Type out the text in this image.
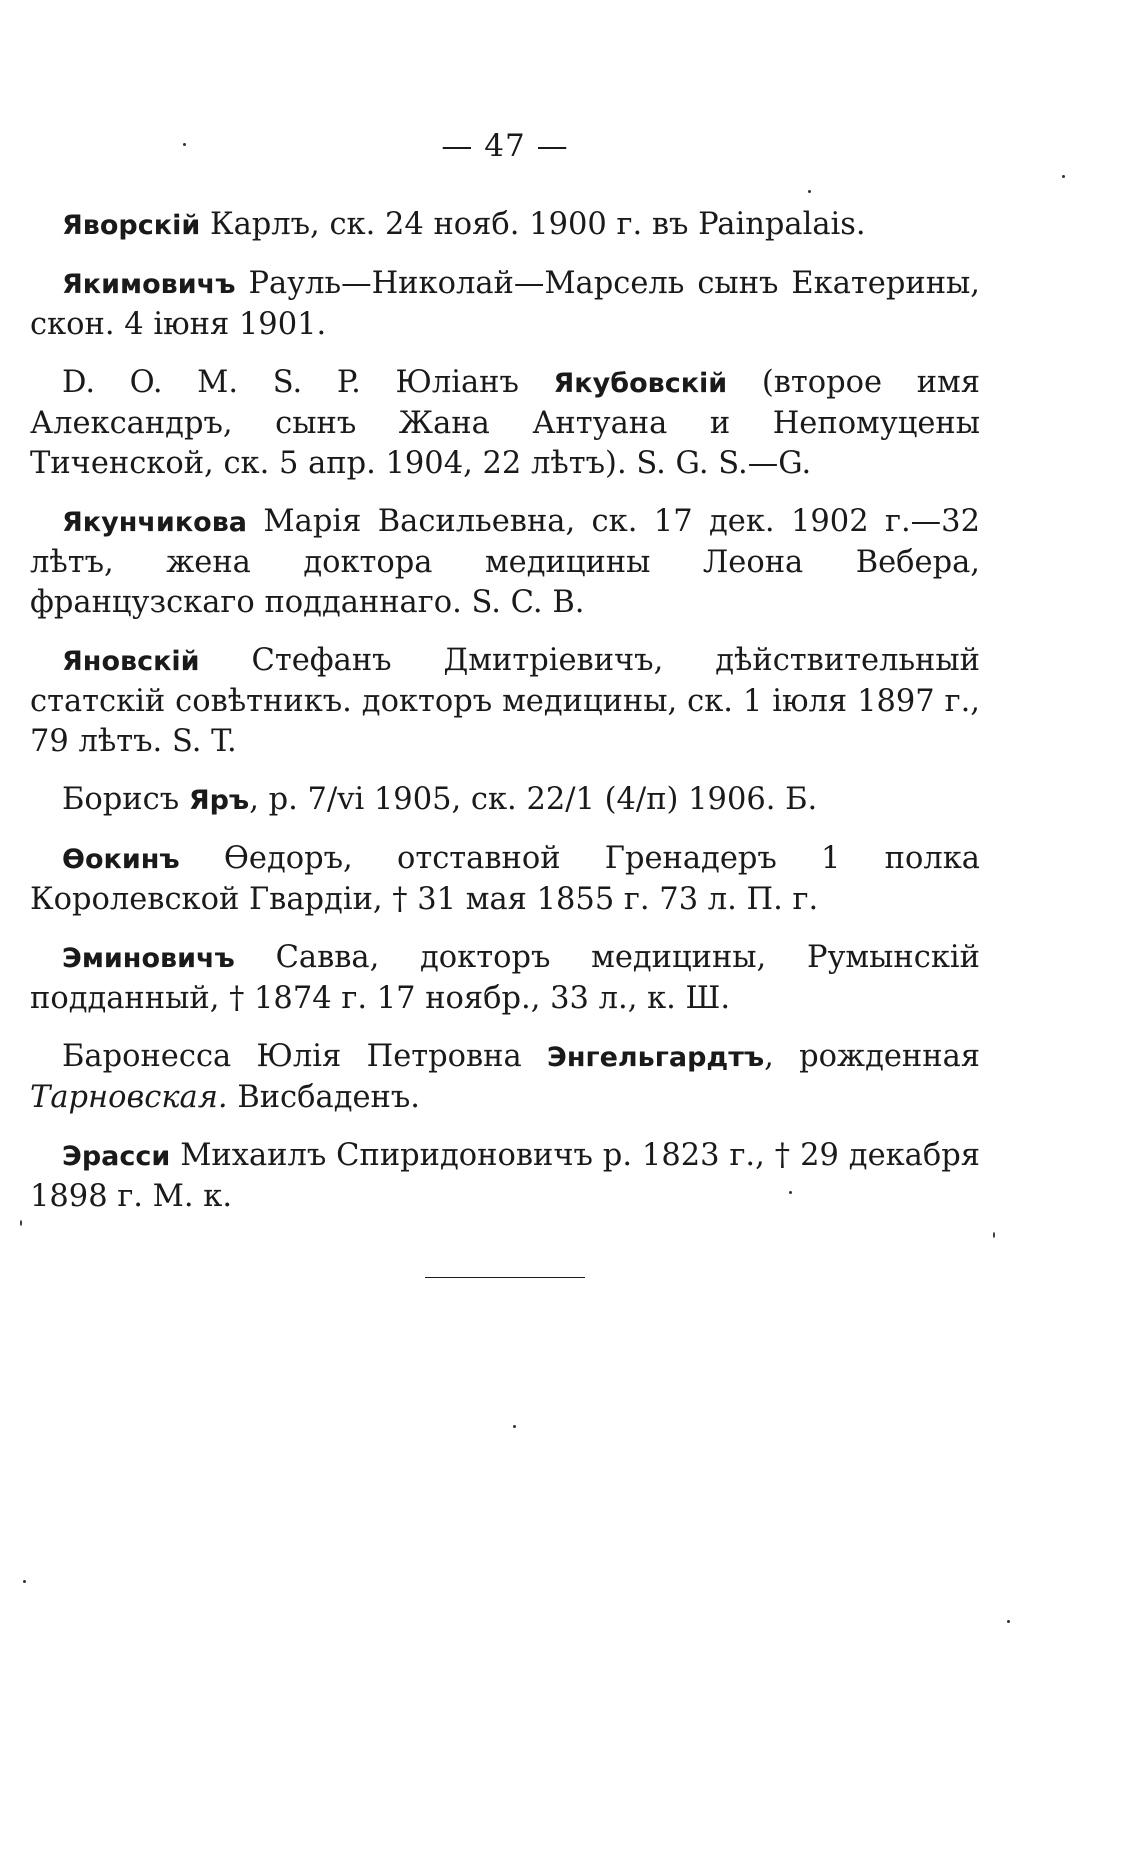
— 47 —

Яворскій Карлъ, ск. 24 нояб. 1900 г. въ Painpalais.

Якимовичъ Рауль—Николай—Марсель сынъ Екатерины, скон. 4 іюня 1901.

D. O. M. S. P. Юліанъ Якубовскій (второе имя Александръ, сынъ Жана Антуана и Непомуцены Тиченской, ск. 5 апр. 1904, 22 лѣтъ). S. G. S.—G.

Якунчикова Марія Васильевна, ск. 17 дек. 1902 г.—32 лѣтъ, жена доктора медицины Леона Вебера, французскаго подданнаго. S. C. B.

Яновскій Стефанъ Дмитріевичъ, дѣйствительный статскій совѣтникъ. докторъ медицины, ск. 1 іюля 1897 г., 79 лѣтъ. S. T.

Борисъ Яръ, р. 7/vi 1905, ск. 22/1 (4/п) 1906. Б.

Ѳокинъ Ѳедоръ, отставной Гренадеръ 1 полка Королевской Гвардіи, † 31 мая 1855 г. 73 л. П. г.

Эминовичъ Савва, докторъ медицины, Румынскій подданный, † 1874 г. 17 ноябр., 33 л., к. Ш.

Баронесса Юлія Петровна Энгельгардтъ, рожденная Тарновская. Висбаденъ.

Эрасси Михаилъ Спиридоновичъ р. 1823 г., † 29 декабря 1898 г. М. к.
